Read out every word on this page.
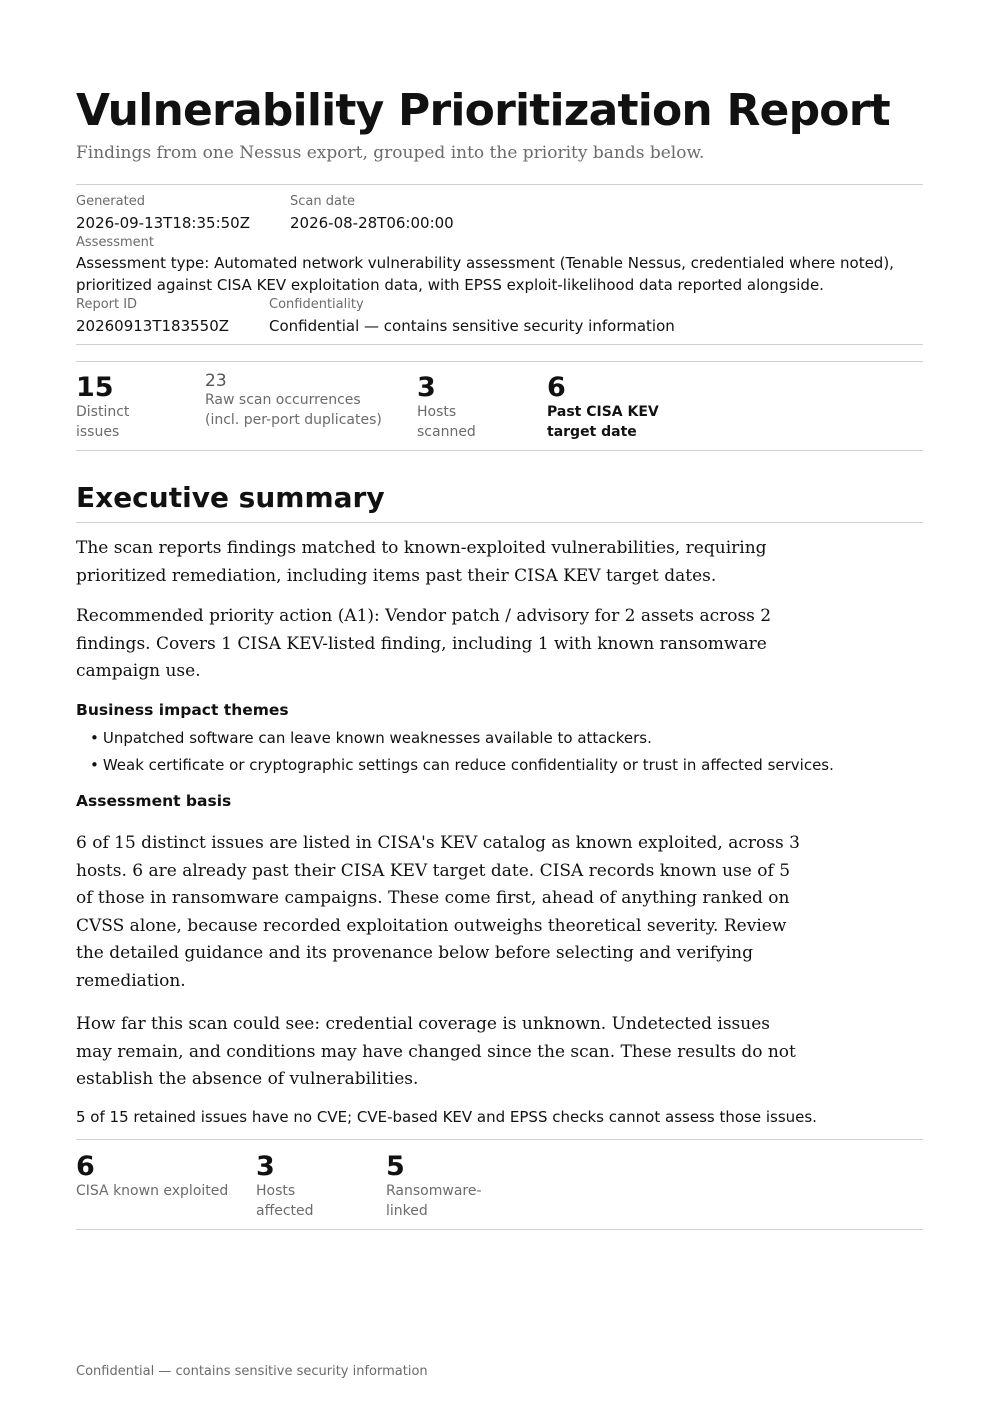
Vulnerability Prioritization Report
Findings from one Nessus export, grouped into the priority bands below.
Generated
2026-09-13T18:35:50Z
Scan date
2026-08-28T06:00:00
Assessment
Assessment type: Automated network vulnerability assessment (Tenable Nessus, credentialed where noted), prioritized against CISA KEV exploitation data, with EPSS exploit-likelihood data reported alongside.
Report ID
20260913T183550Z
Confidentiality
Confidential — contains sensitive security information
15
Distinct issues
23
Raw scan occurrences (incl. per-port duplicates)
3
Hosts scanned
6
Past CISA KEV target date
Executive summary
The scan reports findings matched to known-exploited vulnerabilities, requiring prioritized remediation, including items past their CISA KEV target dates.
Recommended priority action (A1): Vendor patch / advisory for 2 assets across 2 findings. Covers 1 CISA KEV-listed finding, including 1 with known ransomware campaign use.
Business impact themes
• Unpatched software can leave known weaknesses available to attackers.
• Weak certificate or cryptographic settings can reduce confidentiality or trust in affected services.
Assessment basis
6 of 15 distinct issues are listed in CISA's KEV catalog as known exploited, across 3 hosts. 6 are already past their CISA KEV target date. CISA records known use of 5 of those in ransomware campaigns. These come first, ahead of anything ranked on CVSS alone, because recorded exploitation outweighs theoretical severity. Review the detailed guidance and its provenance below before selecting and verifying remediation.
How far this scan could see: credential coverage is unknown. Undetected issues may remain, and conditions may have changed since the scan. These results do not establish the absence of vulnerabilities.
5 of 15 retained issues have no CVE; CVE-based KEV and EPSS checks cannot assess those issues.
6
CISA known exploited
3
Hosts affected
5
Ransomware-linked
Confidential — contains sensitive security information
